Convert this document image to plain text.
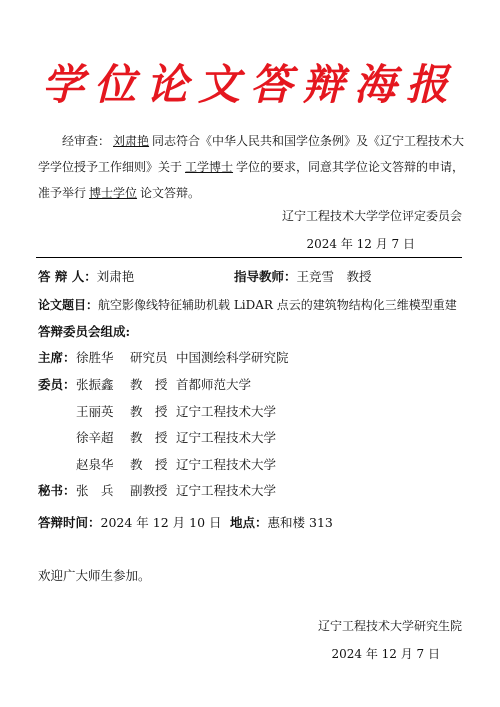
学位论文答辩海报
经审查： 刘肃艳 同志符合《中华人民共和国学位条例》及《辽宁工程技术大学学位授予工作细则》关于 工学博士 学位的要求，同意其学位论文答辩的申请，准予举行 博士学位 论文答辩。
辽宁工程技术大学学位评定委员会
2024 年 12 月 7 日
答 辩 人：刘肃艳	指导教师：王竞雪　教授
论文题目：航空影像线特征辅助机载 LiDAR 点云的建筑物结构化三维模型重建
答辩委员会组成:
主席：徐胜华 研究员 中国测绘科学研究院
委员：张振鑫 教　授 首都师范大学
王丽英 教　授 辽宁工程技术大学
徐辛超 教　授 辽宁工程技术大学
赵泉华 教　授 辽宁工程技术大学
秘书：张　兵 副教授 辽宁工程技术大学
答辩时间：2024 年 12 月 10 日 地点：惠和楼 313
欢迎广大师生参加。
辽宁工程技术大学研究生院
2024 年 12 月 7 日
